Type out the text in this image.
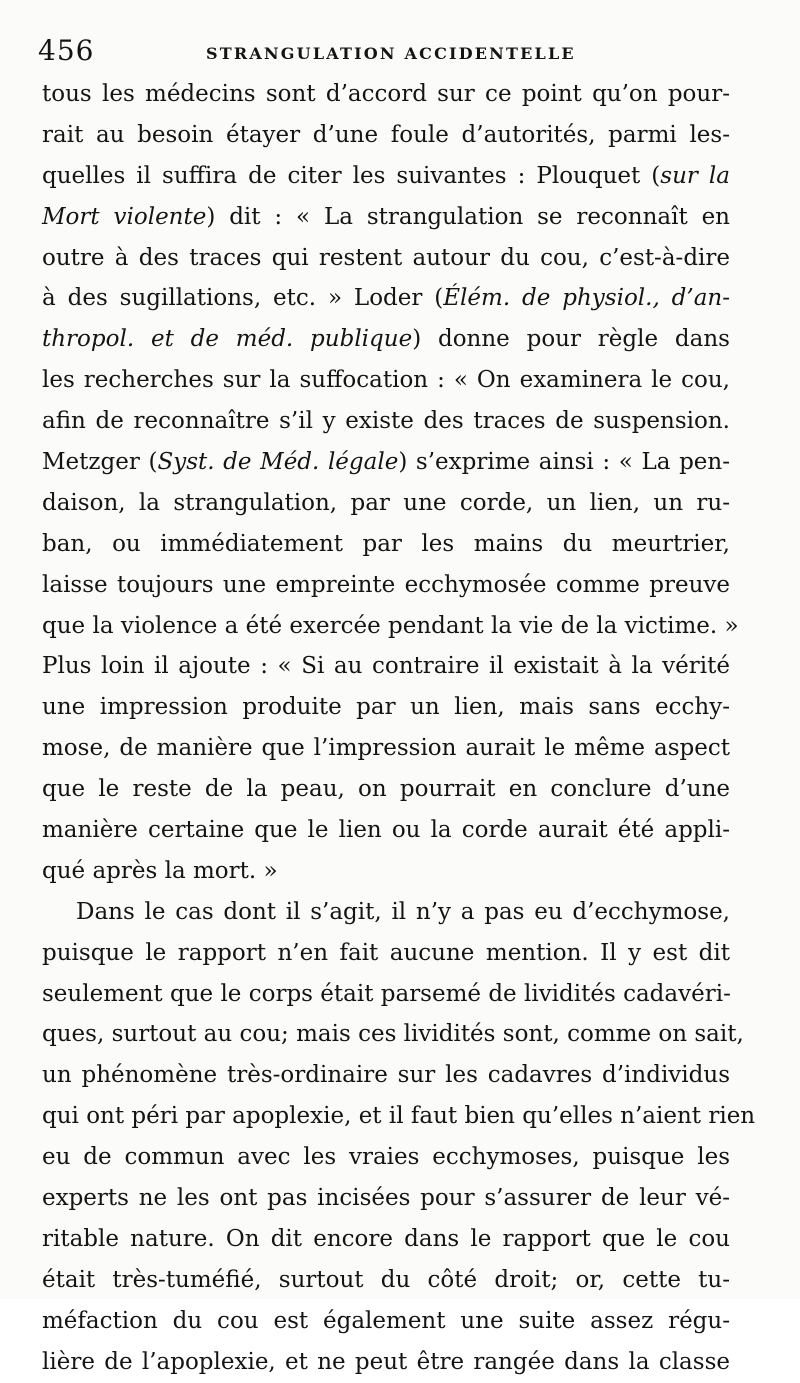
456	STRANGULATION ACCIDENTELLE
tous les médecins sont d’accord sur ce point qu’on pour-
rait au besoin étayer d’une foule d’autorités, parmi les-
quelles il suffira de citer les suivantes : Plouquet (sur la
Mort violente) dit : « La strangulation se reconnaît en
outre à des traces qui restent autour du cou, c’est-à-dire
à des sugillations, etc. » Loder (Élém. de physiol., d’an-
thropol. et de méd. publique) donne pour règle dans
les recherches sur la suffocation : « On examinera le cou,
afin de reconnaître s’il y existe des traces de suspension.
Metzger (Syst. de Méd. légale) s’exprime ainsi : « La pen-
daison, la strangulation, par une corde, un lien, un ru-
ban, ou immédiatement par les mains du meurtrier,
laisse toujours une empreinte ecchymosée comme preuve
que la violence a été exercée pendant la vie de la victime. »
Plus loin il ajoute : « Si au contraire il existait à la vérité
une impression produite par un lien, mais sans ecchy-
mose, de manière que l’impression aurait le même aspect
que le reste de la peau, on pourrait en conclure d’une
manière certaine que le lien ou la corde aurait été appli-
qué après la mort. »
Dans le cas dont il s’agit, il n’y a pas eu d’ecchymose,
puisque le rapport n’en fait aucune mention. Il y est dit
seulement que le corps était parsemé de lividités cadavéri-
ques, surtout au cou; mais ces lividités sont, comme on sait,
un phénomène très-ordinaire sur les cadavres d’individus
qui ont péri par apoplexie, et il faut bien qu’elles n’aient rien
eu de commun avec les vraies ecchymoses, puisque les
experts ne les ont pas incisées pour s’assurer de leur vé-
ritable nature. On dit encore dans le rapport que le cou
était très-tuméfié, surtout du côté droit; or, cette tu-
méfaction du cou est également une suite assez régu-
lière de l’apoplexie, et ne peut être rangée dans la classe
